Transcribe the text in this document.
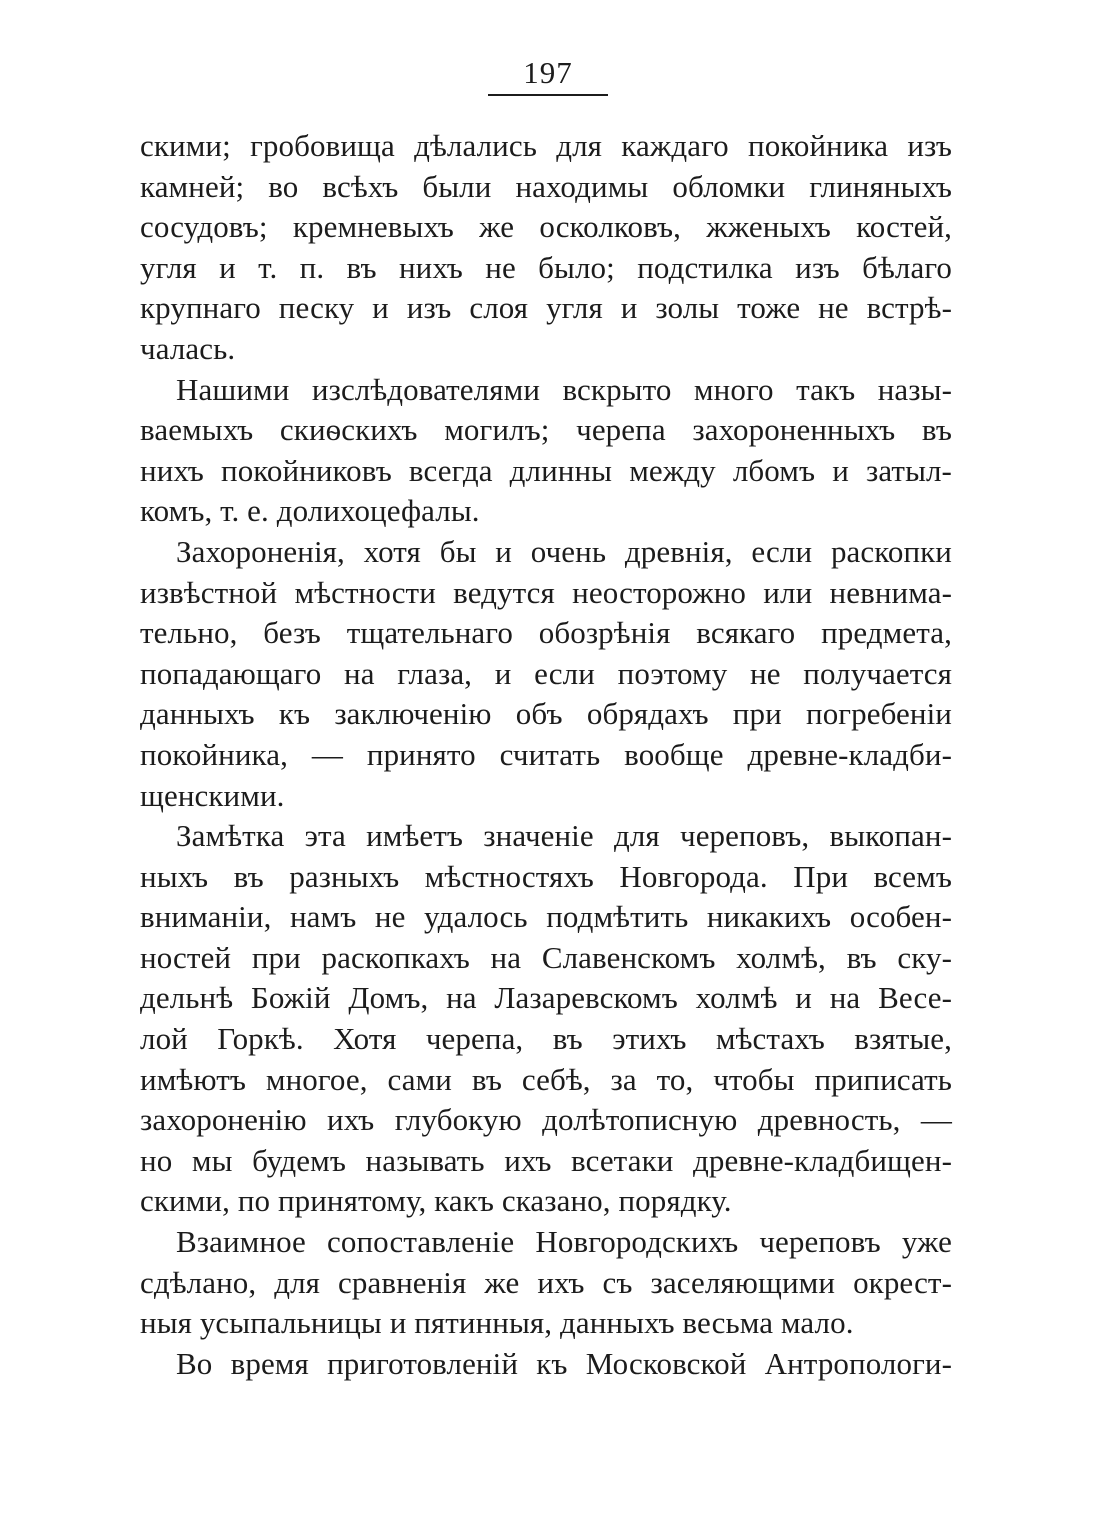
197
скими; гробовища дѣлались для каждаго покойника изъ
камней; во всѣхъ были находимы обломки глиняныхъ
сосудовъ; кремневыхъ же осколковъ, жженыхъ костей,
угля и т. п. въ нихъ не было; подстилка изъ бѣлаго
крупнаго песку и изъ слоя угля и золы тоже не встрѣ-
чалась.
Нашими изслѣдователями вскрыто много такъ назы-
ваемыхъ скиѳскихъ могилъ; черепа захороненныхъ въ
нихъ покойниковъ всегда длинны между лбомъ и затыл-
комъ, т. е. долихоцефалы.
Захороненія, хотя бы и очень древнія, если раскопки
извѣстной мѣстности ведутся неосторожно или невнима-
тельно, безъ тщательнаго обозрѣнія всякаго предмета,
попадающаго на глаза, и если поэтому не получается
данныхъ къ заключенію объ обрядахъ при погребеніи
покойника, — принято считать вообще древне-кладби-
щенскими.
Замѣтка эта имѣетъ значеніе для череповъ, выкопан-
ныхъ въ разныхъ мѣстностяхъ Новгорода. При всемъ
вниманіи, намъ не удалось подмѣтить никакихъ особен-
ностей при раскопкахъ на Славенскомъ холмѣ, въ ску-
дельнѣ Божій Домъ, на Лазаревскомъ холмѣ и на Весе-
лой Горкѣ. Хотя черепа, въ этихъ мѣстахъ взятые,
имѣютъ многое, сами въ себѣ, за то, чтобы приписать
захороненію ихъ глубокую долѣтописную древность, —
но мы будемъ называть ихъ всетаки древне-кладбищен-
скими, по принятому, какъ сказано, порядку.
Взаимное сопоставленіе Новгородскихъ череповъ уже
сдѣлано, для сравненія же ихъ съ заселяющими окрест-
ныя усыпальницы и пятинныя, данныхъ весьма мало.
Во время приготовленій къ Московской Антропологи-
